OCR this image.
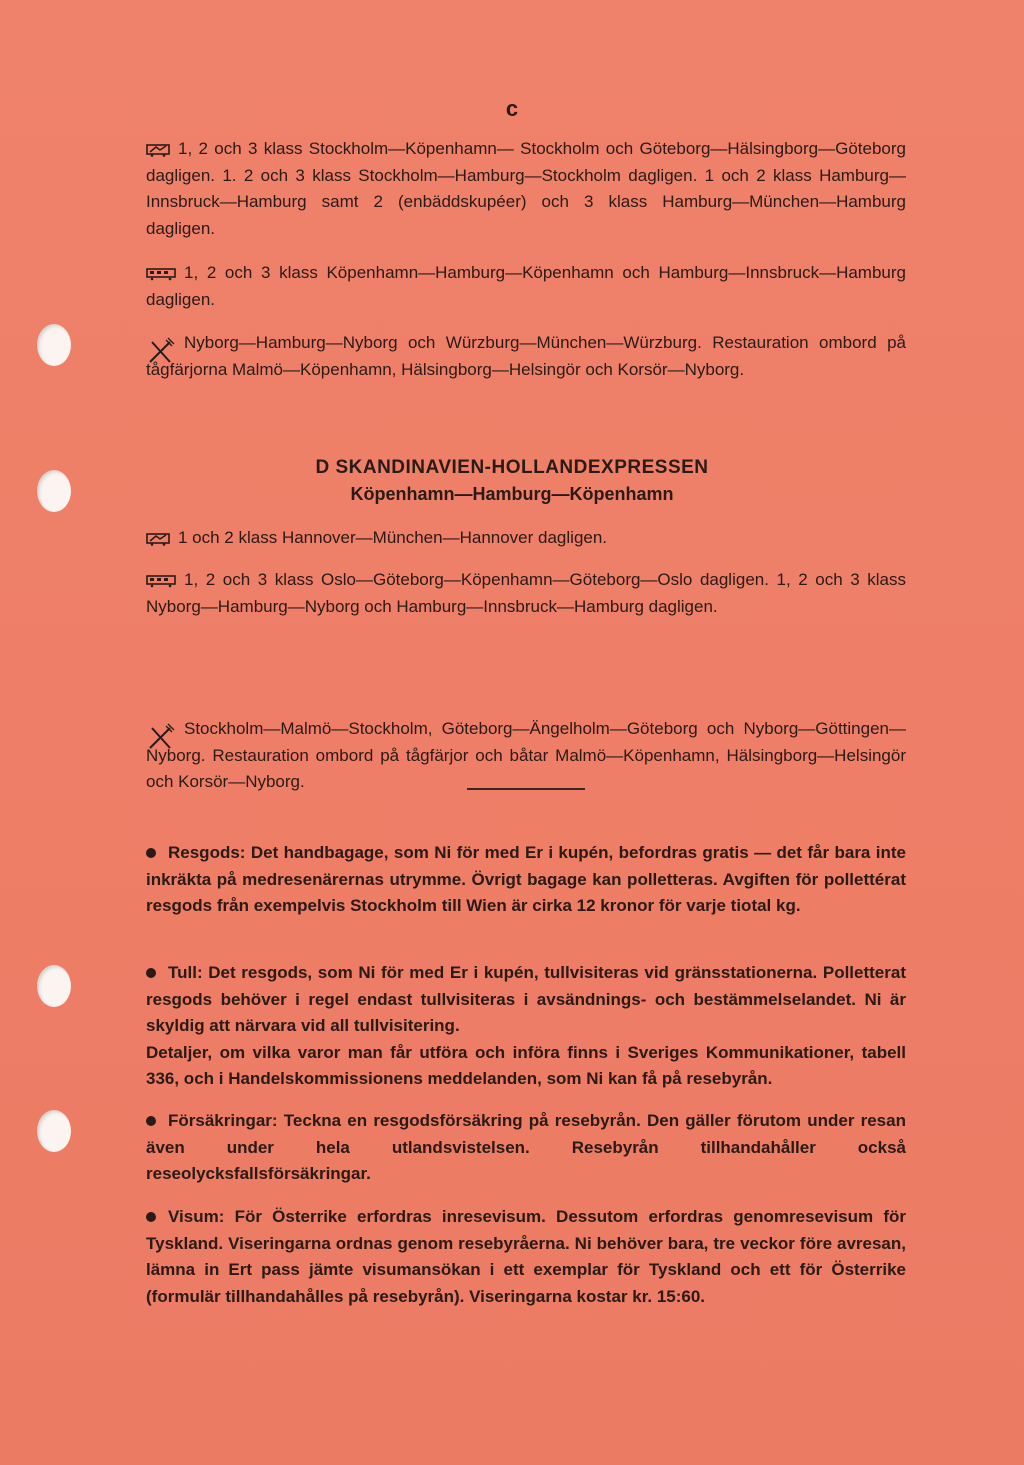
c

1, 2 och 3 klass Stockholm—Köpenhamn— Stockholm och Göteborg—Hälsingborg—Göteborg dagligen. 1. 2 och 3 klass Stockholm—Hamburg—Stockholm dagligen. 1 och 2 klass Hamburg—Innsbruck—Hamburg samt 2 (enbäddskupéer) och 3 klass Hamburg—München—Hamburg dagligen.

1, 2 och 3 klass Köpenhamn—Hamburg—Köpenhamn och Hamburg—Innsbruck—Hamburg dagligen.

Nyborg—Hamburg—Nyborg och Würzburg—München—Würzburg. Restauration ombord på tågfärjorna Malmö—Köpenhamn, Hälsingborg—Helsingör och Korsör—Nyborg.

D SKANDINAVIEN-HOLLANDEXPRESSEN
Köpenhamn—Hamburg—Köpenhamn

1 och 2 klass Hannover—München—Hannover dagligen.

1, 2 och 3 klass Oslo—Göteborg—Köpenhamn—Göteborg—Oslo dagligen. 1, 2 och 3 klass Nyborg—Hamburg—Nyborg och Hamburg—Innsbruck—Hamburg dagligen.

Stockholm—Malmö—Stockholm, Göteborg—Ängelholm—Göteborg och Nyborg—Göttingen—Nyborg. Restauration ombord på tågfärjor och båtar Malmö—Köpenhamn, Hälsingborg—Helsingör och Korsör—Nyborg.

Resgods: Det handbagage, som Ni för med Er i kupén, befordras gratis — det får bara inte inkräkta på medresenärernas utrymme. Övrigt bagage kan polletteras. Avgiften för pollettérat resgods från exempelvis Stockholm till Wien är cirka 12 kronor för varje tiotal kg.

Tull: Det resgods, som Ni för med Er i kupén, tullvisiteras vid gränsstationerna. Polletterat resgods behöver i regel endast tullvisiteras i avsändnings- och bestämmelselandet. Ni är skyldig att närvara vid all tullvisitering.

Detaljer, om vilka varor man får utföra och införa finns i Sveriges Kommunikationer, tabell 336, och i Handelskommissionens meddelanden, som Ni kan få på resebyrån.

Försäkringar: Teckna en resgodsförsäkring på resebyrån. Den gäller förutom under resan även under hela utlandsvistelsen. Resebyrån tillhandahåller också reseolycksfallsförsäkringar.

Visum: För Österrike erfordras inresevisum. Dessutom erfordras genomresevisum för Tyskland. Viseringarna ordnas genom resebyråerna. Ni behöver bara, tre veckor före avresan, lämna in Ert pass jämte visumansökan i ett exemplar för Tyskland och ett för Österrike (formulär tillhandahålles på resebyrån). Viseringarna kostar kr. 15:60.
